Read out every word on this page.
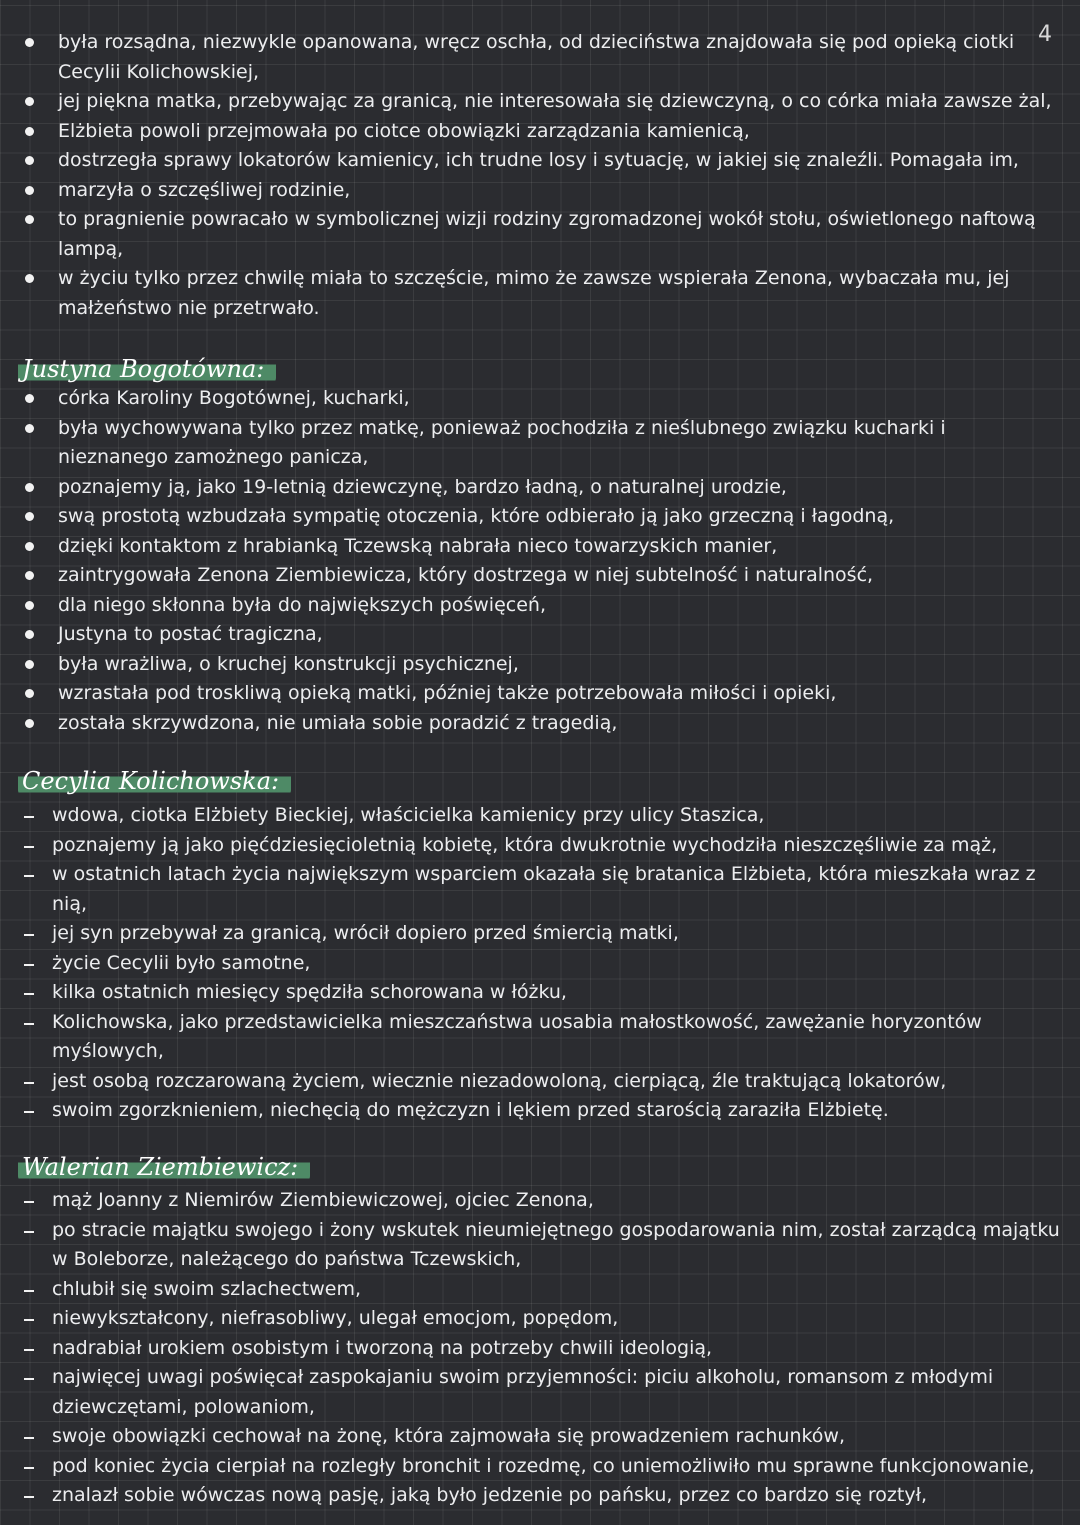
4
była rozsądna, niezwykle opanowana, wręcz oschła, od dzieciństwa znajdowała się pod opieką ciotki Cecylii Kolichowskiej,
jej piękna matka, przebywając za granicą, nie interesowała się dziewczyną, o co córka miała zawsze żal,
Elżbieta powoli przejmowała po ciotce obowiązki zarządzania kamienicą,
dostrzegła sprawy lokatorów kamienicy, ich trudne losy i sytuację, w jakiej się znaleźli. Pomagała im,
marzyła o szczęśliwej rodzinie,
to pragnienie powracało w symbolicznej wizji rodziny zgromadzonej wokół stołu, oświetlonego naftową lampą,
w życiu tylko przez chwilę miała to szczęście, mimo że zawsze wspierała Zenona, wybaczała mu, jej małżeństwo nie przetrwało.
Justyna Bogotówna:
córka Karoliny Bogotównej, kucharki,
była wychowywana tylko przez matkę, ponieważ pochodziła z nieślubnego związku kucharki i nieznanego zamożnego panicza,
poznajemy ją, jako 19-letnią dziewczynę, bardzo ładną, o naturalnej urodzie,
swą prostotą wzbudzała sympatię otoczenia, które odbierało ją jako grzeczną i łagodną,
dzięki kontaktom z hrabianką Tczewską nabrała nieco towarzyskich manier,
zaintrygowała Zenona Ziembiewicza, który dostrzega w niej subtelność i naturalność,
dla niego skłonna była do największych poświęceń,
Justyna to postać tragiczna,
była wrażliwa, o kruchej konstrukcji psychicznej,
wzrastała pod troskliwą opieką matki, później także potrzebowała miłości i opieki,
została skrzywdzona, nie umiała sobie poradzić z tragedią,
Cecylia Kolichowska:
wdowa, ciotka Elżbiety Bieckiej, właścicielka kamienicy przy ulicy Staszica,
poznajemy ją jako pięćdziesięcioletnią kobietę, która dwukrotnie wychodziła nieszczęśliwie za mąż,
w ostatnich latach życia największym wsparciem okazała się bratanica Elżbieta, która mieszkała wraz z nią,
jej syn przebywał za granicą, wrócił dopiero przed śmiercią matki,
życie Cecylii było samotne,
kilka ostatnich miesięcy spędziła schorowana w łóżku,
Kolichowska, jako przedstawicielka mieszczaństwa uosabia małostkowość, zawężanie horyzontów myślowych,
jest osobą rozczarowaną życiem, wiecznie niezadowoloną, cierpiącą, źle traktującą lokatorów,
swoim zgorzknieniem, niechęcią do mężczyzn i lękiem przed starością zaraziła Elżbietę.
Walerian Ziembiewicz:
mąż Joanny z Niemirów Ziembiewiczowej, ojciec Zenona,
po stracie majątku swojego i żony wskutek nieumiejętnego gospodarowania nim, został zarządcą majątku w Boleborze, należącego do państwa Tczewskich,
chlubił się swoim szlachectwem,
niewykształcony, niefrasobliwy, ulegał emocjom, popędom,
nadrabiał urokiem osobistym i tworzoną na potrzeby chwili ideologią,
najwięcej uwagi poświęcał zaspokajaniu swoim przyjemności: piciu alkoholu, romansom z młodymi dziewczętami, polowaniom,
swoje obowiązki cechował na żonę, która zajmowała się prowadzeniem rachunków,
pod koniec życia cierpiał na rozległy bronchit i rozedmę, co uniemożliwiło mu sprawne funkcjonowanie,
znalazł sobie wówczas nową pasję, jaką było jedzenie po pańsku, przez co bardzo się roztył,
